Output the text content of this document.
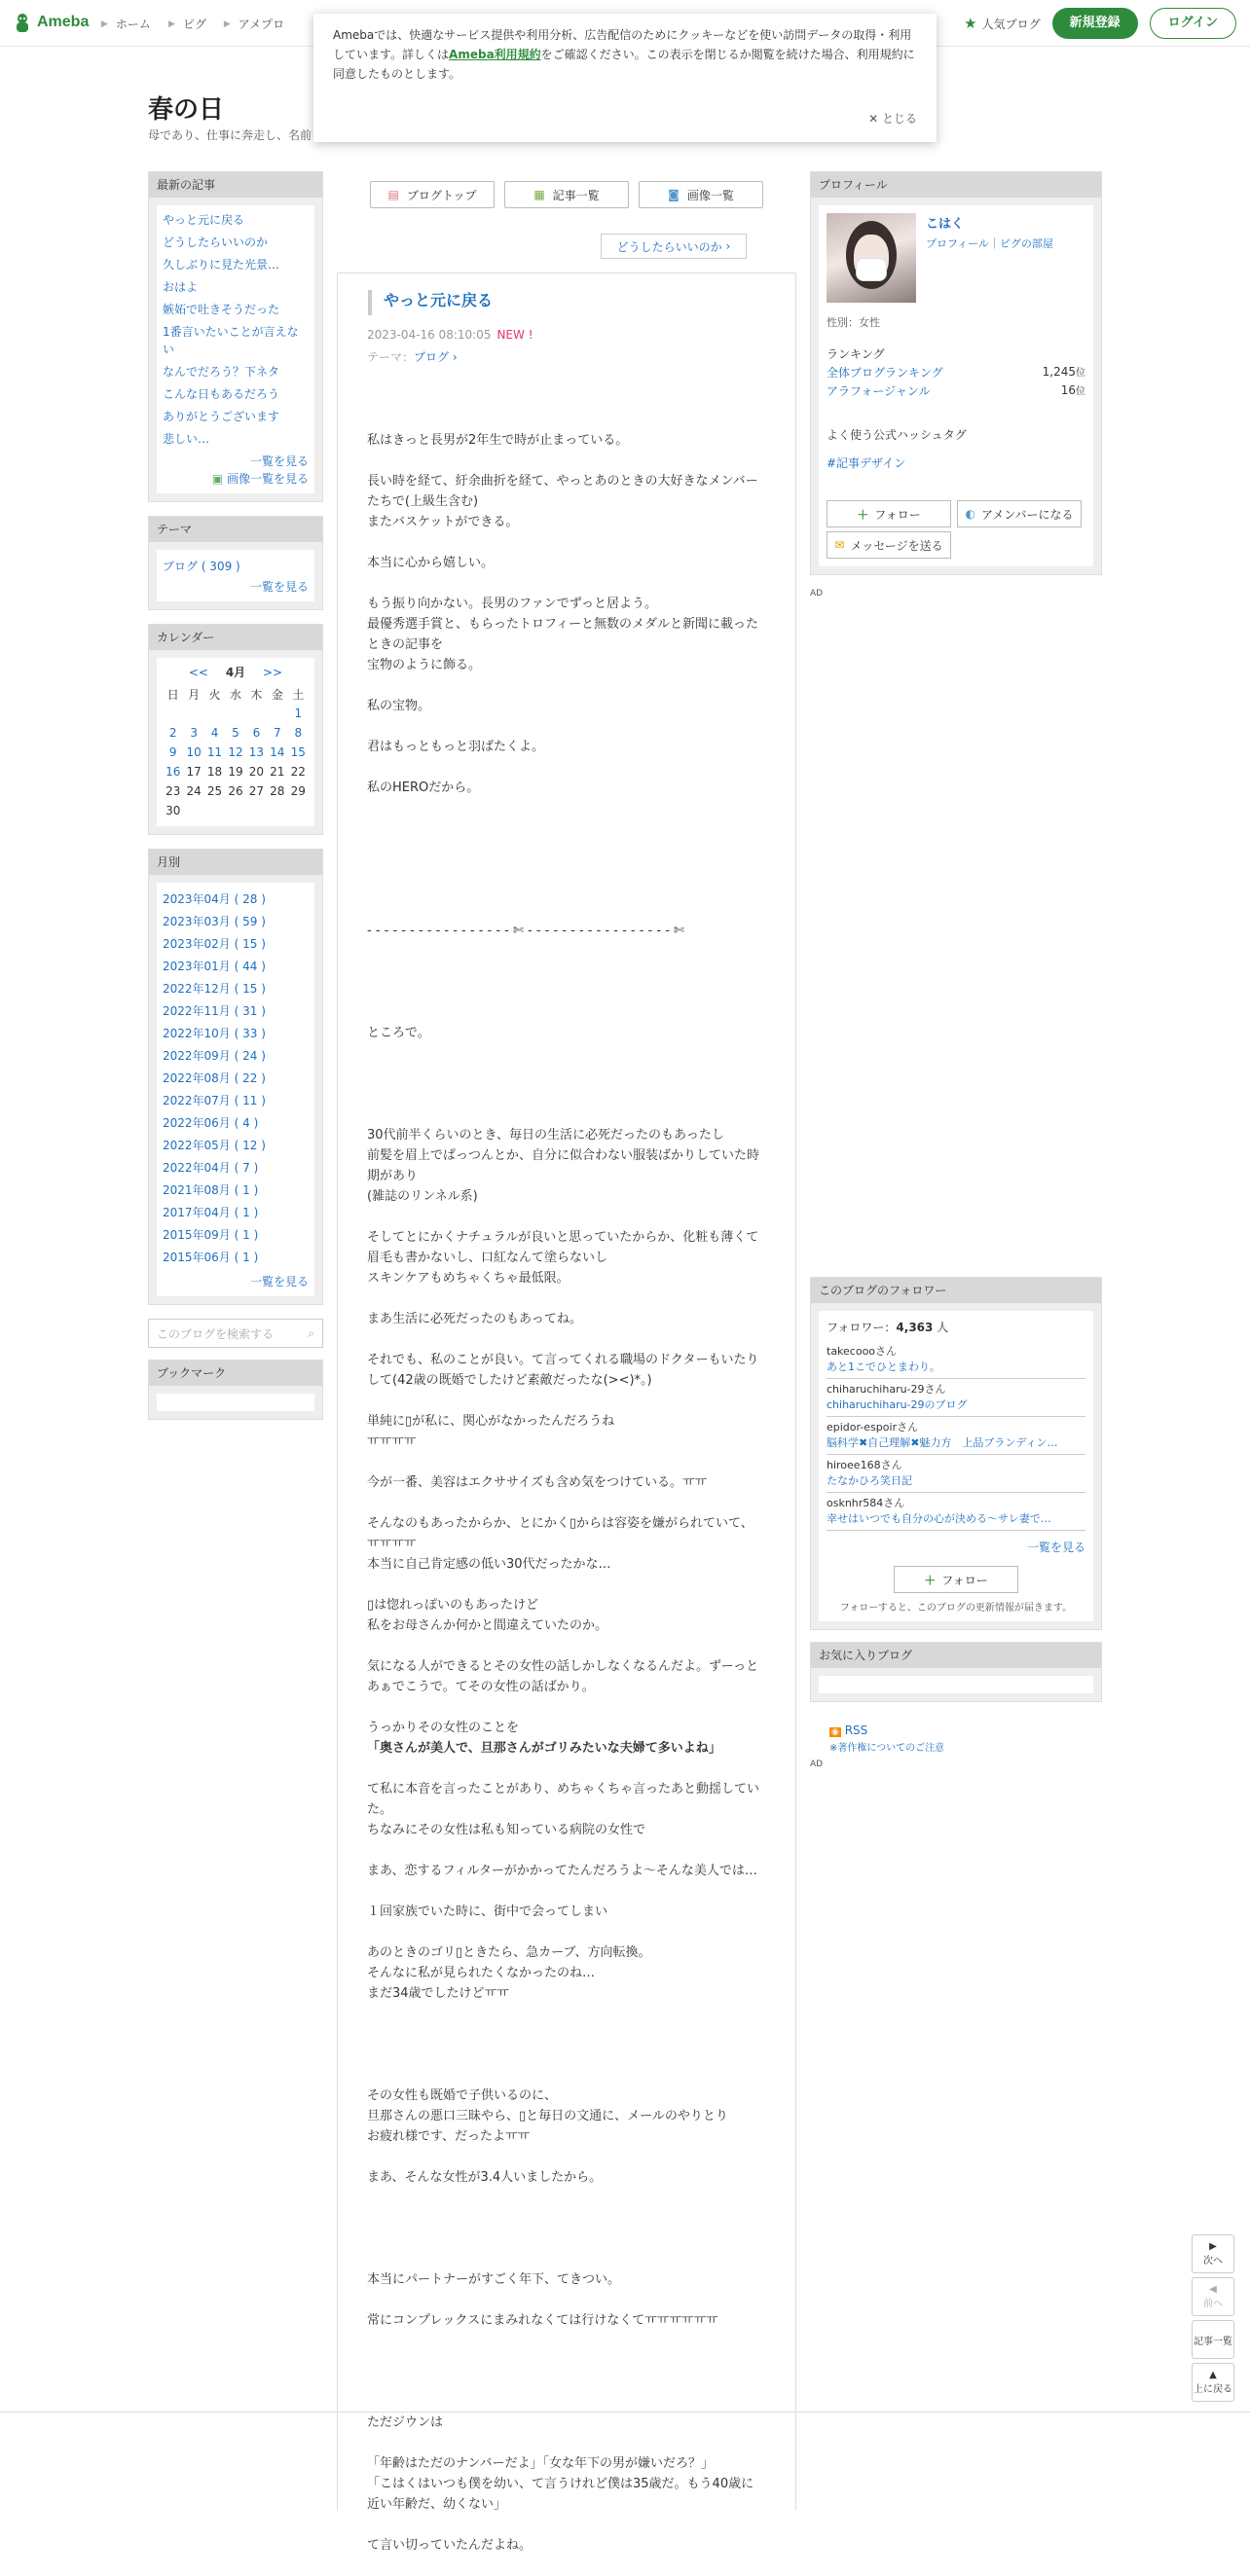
Ameba ▶ ホーム ▶ ピグ ▶ アメプロ	★ 人気ブログ	新規登録	ログイン
Amebaでは、快適なサービス提供や利用分析、広告配信のためにクッキーなどを使い訪問データの取得・利用しています。詳しくはAmeba利用規約をご確認ください。この表示を閉じるか閲覧を続けた場合、利用規約に同意したものとします。
✕ とじる
春の日
母であり、仕事に奔走し、名前
最新の記事
やっと元に戻る
どうしたらいいのか
久しぶりに見た光景…
おはよ
嫉妬で吐きそうだった
1番言いたいことが言えない
なんでだろう？下ネタ
こんな日もあるだろう
ありがとうございます
悲しい…
一覧を見る
▣ 画像一覧を見る
テーマ
ブログ ( 309 )
一覧を見る
カレンダー
<< 4月 >>
日	月	火	水	木	金	土
						1
2	3	4	5	6	7	8
9	10	11	12	13	14	15
16	17	18	19	20	21	22
23	24	25	26	27	28	29
30						
月別
2023年04月 ( 28 )
2023年03月 ( 59 )
2023年02月 ( 15 )
2023年01月 ( 44 )
2022年12月 ( 15 )
2022年11月 ( 31 )
2022年10月 ( 33 )
2022年09月 ( 24 )
2022年08月 ( 22 )
2022年07月 ( 11 )
2022年06月 ( 4 )
2022年05月 ( 12 )
2022年04月 ( 7 )
2021年08月 ( 1 )
2017年04月 ( 1 )
2015年09月 ( 1 )
2015年06月 ( 1 )
一覧を見る
このブログを検索する	⌕
ブックマーク
▤ ブログトップ	▦ 記事一覧	◙ 画像一覧
どうしたらいいのか
›
やっと元に戻る
2023-04-16 08:10:05 NEW !
テーマ：ブログ ›

私はきっと長男が2年生で時が止まっている。

長い時を経て、紆余曲折を経て、やっとあのときの大好きなメンバーたちで(上級生含む)

またバスケットができる。

本当に心から嬉しい。

もう振り向かない。長男のファンでずっと居よう。

最優秀選手賞と、もらったトロフィーと無数のメダルと新聞に載ったときの記事を

宝物のように飾る。

私の宝物。

君はもっともっと羽ばたくよ。

私のHEROだから。

- - - - - - - - - - - - - - - - - ✄ - - - - - - - - - - - - - - - - - ✄

ところで。

30代前半くらいのとき、毎日の生活に必死だったのもあったし

前髪を眉上でぱっつんとか、自分に似合わない服装ばかりしていた時期があり

(雑誌のリンネル系)

そしてとにかくナチュラルが良いと思っていたからか、化粧も薄くて

眉毛も書かないし、口紅なんて塗らないし

スキンケアもめちゃくちゃ最低限。

まあ生活に必死だったのもあってね。

それでも、私のことが良い。て言ってくれる職場のドクターもいたりして(42歳の既婚でしたけど素敵だったな(><)*。)

単純に▯が私に、関心がなかったんだろうね

ㅠㅠㅠㅠ

今が一番、美容はエクササイズも含め気をつけている。ㅠㅠ

そんなのもあったからか、とにかく▯からは容姿を嫌がられていて、ㅠㅠㅠㅠ

本当に自己肯定感の低い30代だったかな…

▯は惚れっぽいのもあったけど

私をお母さんか何かと間違えていたのか。

気になる人ができるとその女性の話しかしなくなるんだよ。ずーっとあぁでこうで。てその女性の話ばかり。

うっかりその女性のことを

「奥さんが美人で、旦那さんがゴリみたいな夫婦て多いよね」

て私に本音を言ったことがあり、めちゃくちゃ言ったあと動揺していた。

ちなみにその女性は私も知っている病院の女性で

まあ、恋するフィルターがかかってたんだろうよ〜そんな美人では…

１回家族でいた時に、街中で会ってしまい

あのときのゴリ▯ときたら、急カーブ、方向転換。

そんなに私が見られたくなかったのね…

まだ34歳でしたけどㅠㅠ

その女性も既婚で子供いるのに、

旦那さんの悪口三昧やら、▯と毎日の文通に、メールのやりとり

お疲れ様です、だったよㅠㅠ

まあ、そんな女性が3.4人いましたから。

本当にパートナーがすごく年下、てきつい。

常にコンプレックスにまみれなくては行けなくてㅠㅠㅠㅠㅠㅠ

ただジウンは

「年齢はただのナンバーだよ」「女な年下の男が嫌いだろ？」

「こはくはいつも僕を幼い、て言うけれど僕は35歳だ。もう40歳に近い年齢だ、幼くない」

て言い切っていたんだよね。

プロフィール
こはく
プロフィール｜ピグの部屋
性別：女性
ランキング
全体ブログランキング	1,245位
アラフォージャンル	16位
よく使う公式ハッシュタグ
#記事デザイン
＋ フォロー	◐ アメンバーになる
✉ メッセージを送る
AD
このブログのフォロワー
フォロワー：4,363 人
takecoooさん
あと1こでひとまわり。
chiharuchiharu-29さん
chiharuchiharu-29のブログ
epidor-espoirさん
脳科学✖自己理解✖魅力方　上品ブランディン…
hiroee168さん
たなかひろ笑日記
osknhr584さん
幸せはいつでも自分の心が決める〜サレ妻で…
一覧を見る
＋ フォロー
フォローすると、このブログの更新情報が届きます。
お気に入りブログ
◉ RSS
※著作権についてのご注意
AD
▶
次へ
◀
前へ
記事一覧
▲
上に戻る
